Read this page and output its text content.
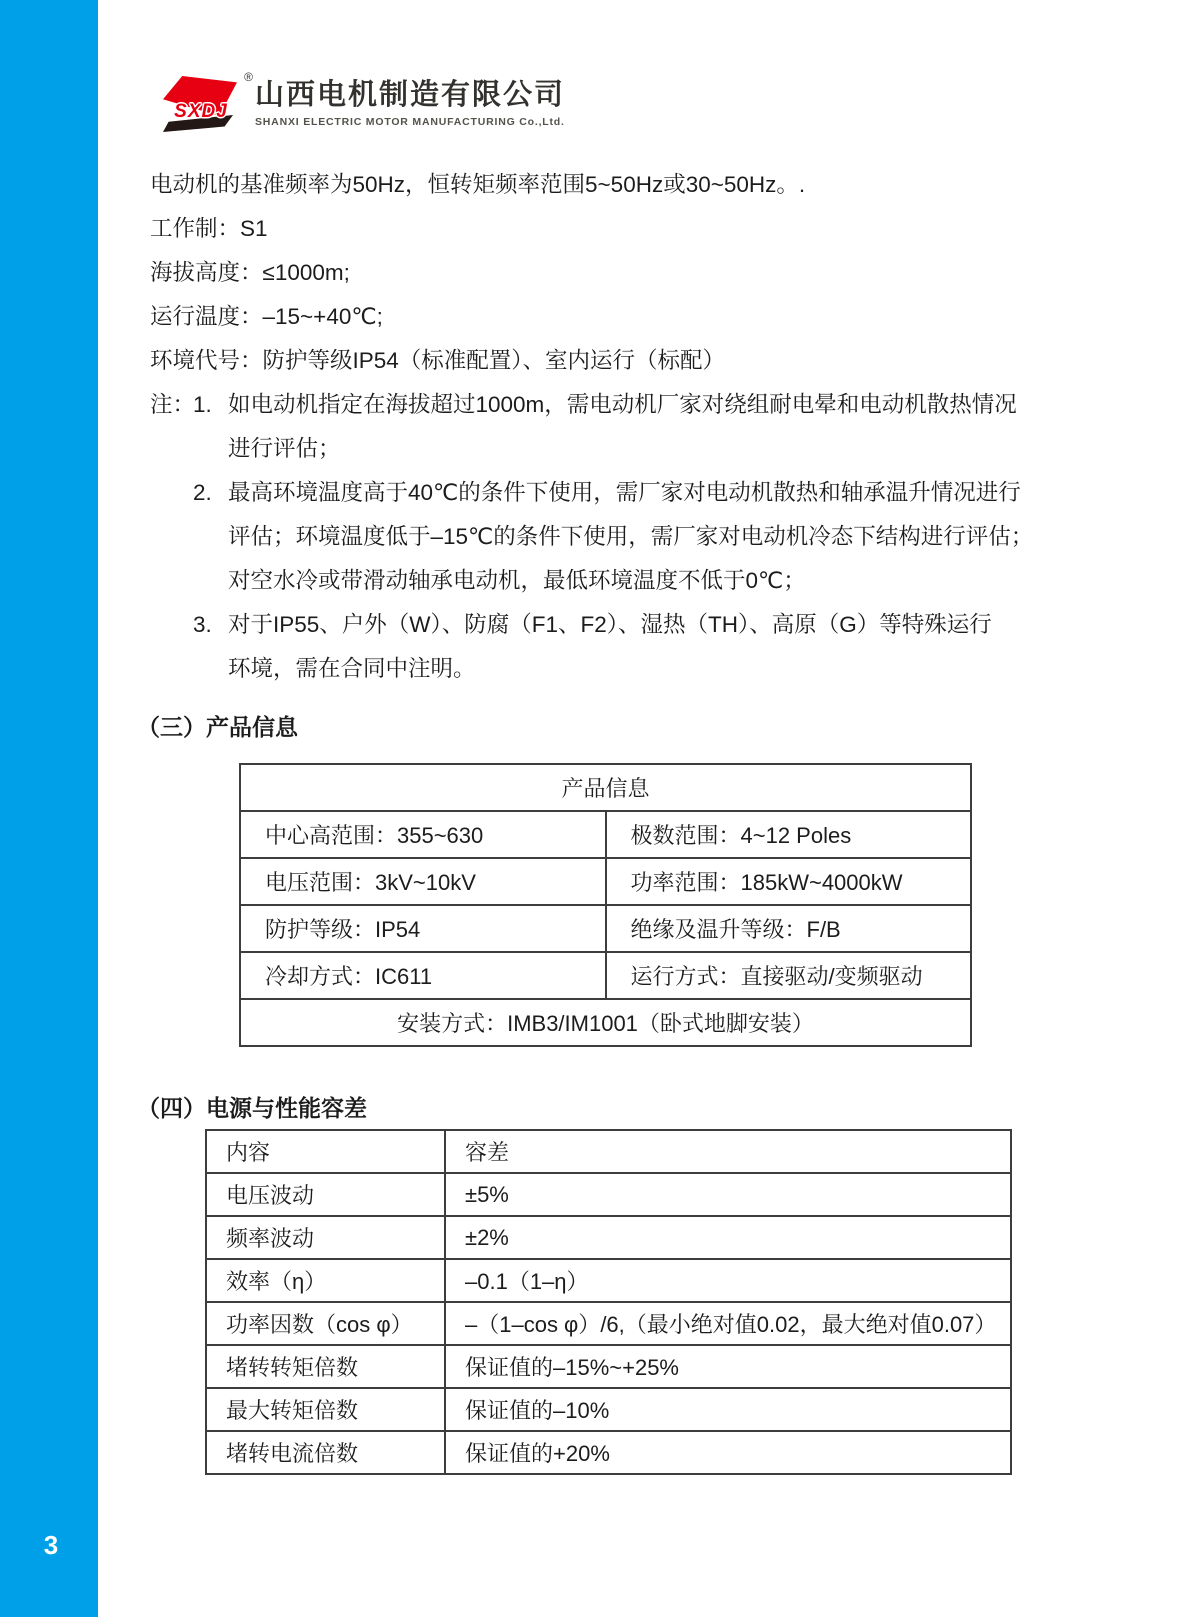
3
SXDJ
®
山西电机制造有限公司
SHANXI ELECTRIC MOTOR MANUFACTURING Co.,Ltd.
电动机的基准频率为50Hz，恒转矩频率范围5~50Hz或30~50Hz。.
工作制：S1
海拔高度：≤1000m;
运行温度：–15~+40℃;
环境代号：防护等级IP54（标准配置）、室内运行（标配）
注：
1. 如电动机指定在海拔超过1000m，需电动机厂家对绕组耐电晕和电动机散热情况
进行评估；
2. 最高环境温度高于40℃的条件下使用，需厂家对电动机散热和轴承温升情况进行
评估；环境温度低于–15℃的条件下使用，需厂家对电动机冷态下结构进行评估；
对空水冷或带滑动轴承电动机，最低环境温度不低于0℃；
3. 对于IP55、户外（W）、防腐（F1、F2）、湿热（TH）、高原（G）等特殊运行
环境，需在合同中注明。
（三）产品信息
产品信息	
中心高范围：355~630	极数范围：4~12 Poles
电压范围：3kV~10kV	功率范围：185kW~4000kW
防护等级：IP54	绝缘及温升等级：F/B
冷却方式：IC611	运行方式：直接驱动/变频驱动
安装方式：IMB3/IM1001（卧式地脚安装）	
（四）电源与性能容差
内容	容差
电压波动	±5%
频率波动	±2%
效率（η）	–0.1（1–η）
功率因数（cos φ）	–（1–cos φ）/6,（最小绝对值0.02，最大绝对值0.07）
堵转转矩倍数	保证值的–15%~+25%
最大转矩倍数	保证值的–10%
堵转电流倍数	保证值的+20%
